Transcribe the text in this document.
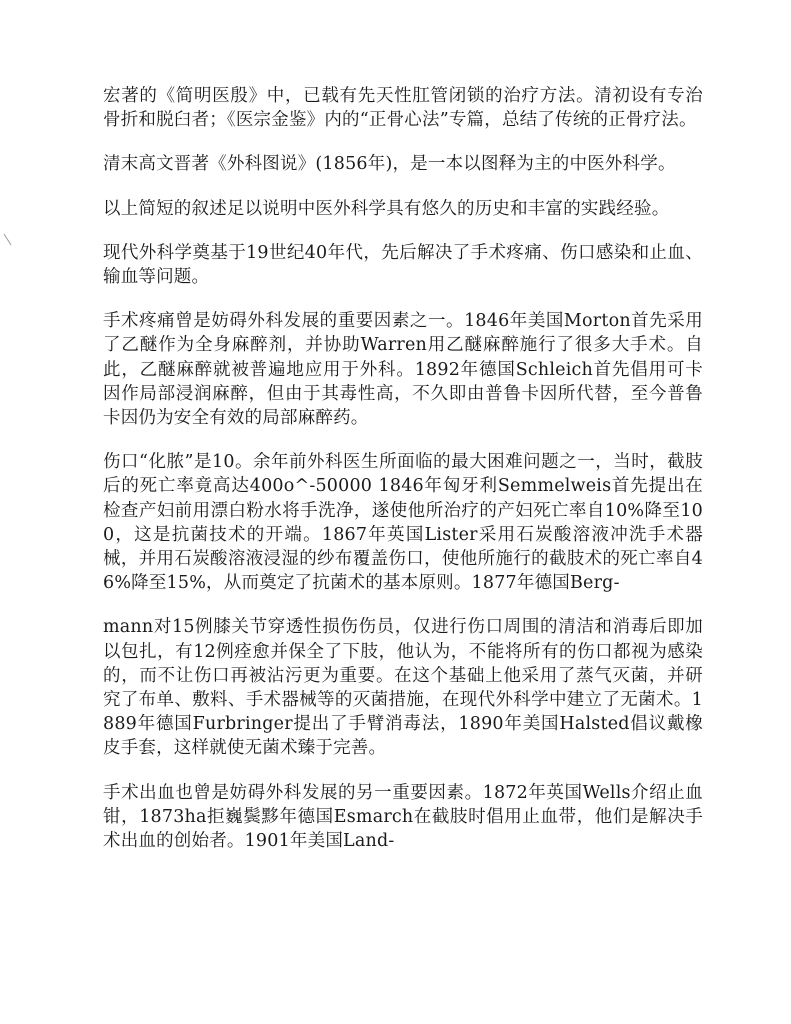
宏著的《简明医殷》中，已载有先天性肛管闭锁的治疗方法。清初设有专治骨折和脱臼者；《医宗金鉴》内的“正骨心法”专篇，总结了传统的正骨疗法。

清末高文晋著《外科图说》(1856年)，是一本以图释为主的中医外科学。

以上简短的叙述足以说明中医外科学具有悠久的历史和丰富的实践经验。

现代外科学奠基于19世纪40年代，先后解决了手术疼痛、伤口感染和止血、输血等问题。

手术疼痛曾是妨碍外科发展的重要因素之一。1846年美国Morton首先采用了乙醚作为全身麻醉剂，并协助Warren用乙醚麻醉施行了很多大手术。自此，乙醚麻醉就被普遍地应用于外科。1892年德国Schleich首先倡用可卡因作局部浸润麻醉，但由于其毒性高，不久即由普鲁卡因所代替，至今普鲁卡因仍为安全有效的局部麻醉药。

伤口“化脓”是10。余年前外科医生所面临的最大困难问题之一，当时，截肢后的死亡率竟高达400o^-50000 1846年匈牙利Semmelweis首先提出在检查产妇前用漂白粉水将手洗净，遂使他所治疗的产妇死亡率自10%降至100，这是抗菌技术的开端。1867年英国Lister采用石炭酸溶液冲洗手术器械，并用石炭酸溶液浸湿的纱布覆盖伤口，使他所施行的截肢术的死亡率自46%降至15%，从而奠定了抗菌术的基本原则。1877年德国Berg-

mann对15例膝关节穿透性损伤伤员，仅进行伤口周围的清洁和消毒后即加以包扎，有12例痊愈并保全了下肢，他认为，不能将所有的伤口都视为感染的，而不让伤口再被沾污更为重要。在这个基础上他采用了蒸气灭菌，并研究了布单、敷料、手术器械等的灭菌措施，在现代外科学中建立了无菌术。1889年德国Furbringer提出了手臂消毒法，1890年美国Halsted倡议戴橡皮手套，这样就使无菌术臻于完善。

手术出血也曾是妨碍外科发展的另一重要因素。1872年英国Wells介绍止血钳，1873ha拒巍鬓黟年德国Esmarch在截肢时倡用止血带，他们是解决手术出血的创始者。1901年美国Land-
